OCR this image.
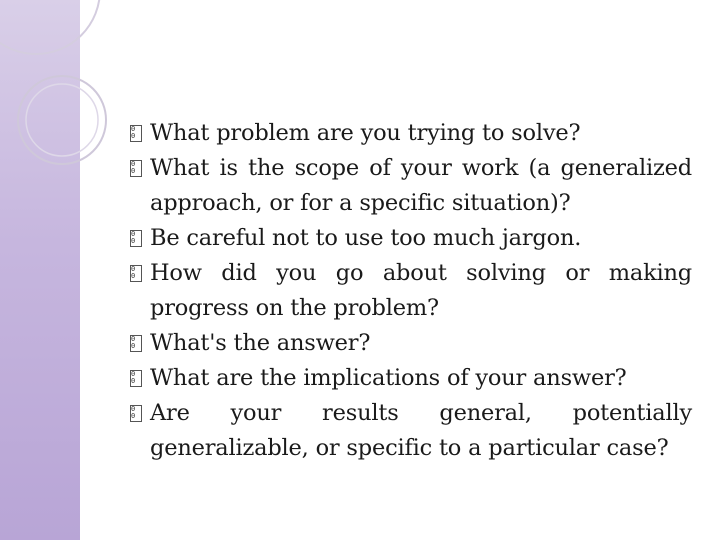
0
0 What problem are you trying to solve?
0
0 What is the scope of your work (a generalized approach, or for a specific situation)?
0
0 Be careful not to use too much jargon.
0
0 How did you go about solving or making progress on the problem?
0
0 What's the answer?
0
0 What are the implications of your answer?
0
0 Are your results general, potentially generalizable, or specific to a particular case?
